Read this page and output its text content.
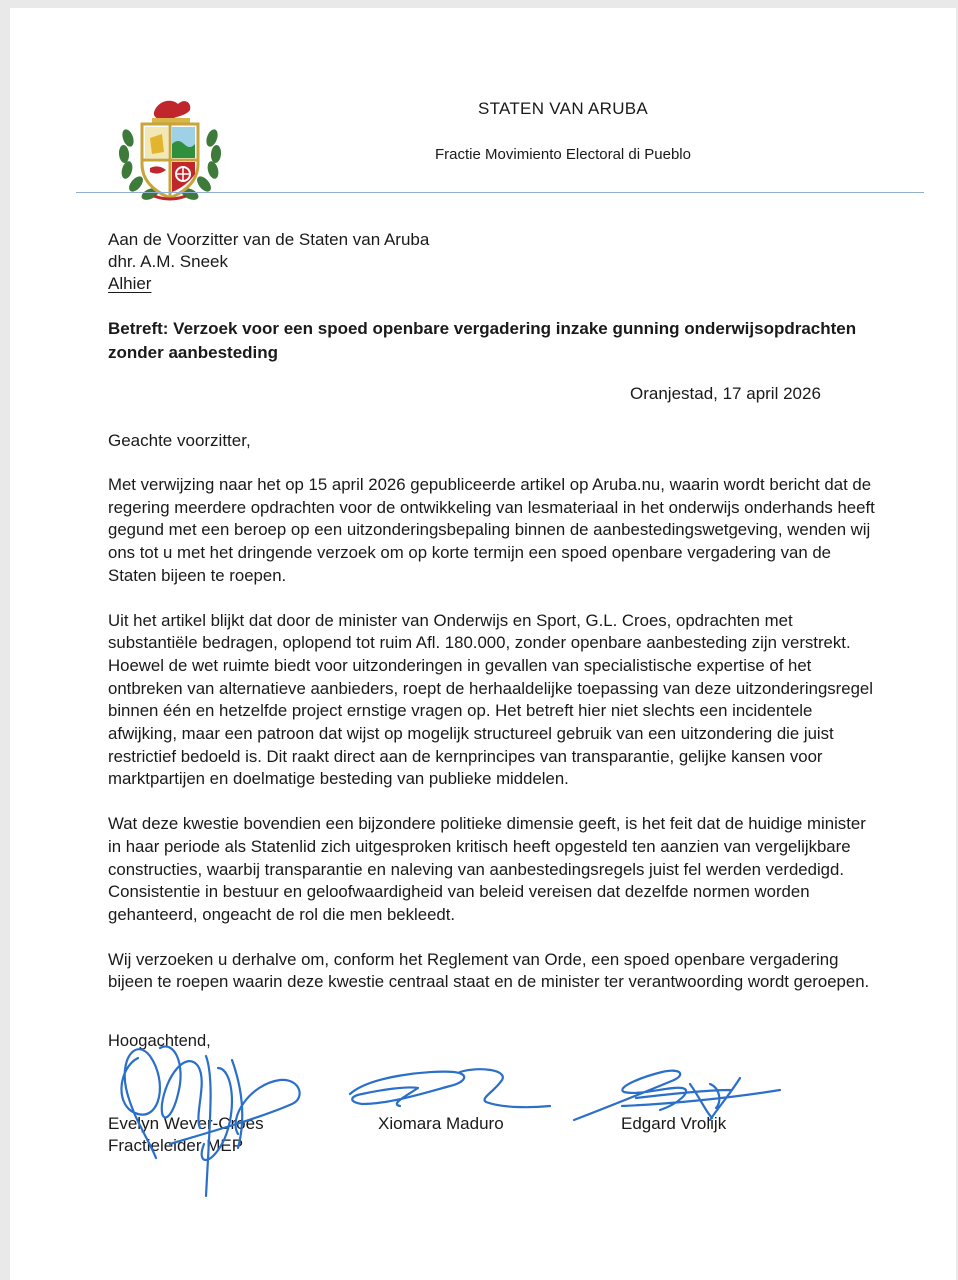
STATEN VAN ARUBA
Fractie Movimiento Electoral di Pueblo
Aan de Voorzitter van de Staten van Aruba
dhr. A.M. Sneek
Alhier
Betreft: Verzoek voor een spoed openbare vergadering inzake gunning onderwijsopdrachten zonder aanbesteding
Oranjestad, 17 april 2026
Geachte voorzitter,

Met verwijzing naar het op 15 april 2026 gepubliceerde artikel op Aruba.nu, waarin wordt bericht dat de regering meerdere opdrachten voor de ontwikkeling van lesmateriaal in het onderwijs onderhands heeft gegund met een beroep op een uitzonderingsbepaling binnen de aanbestedingswetgeving, wenden wij ons tot u met het dringende verzoek om op korte termijn een spoed openbare vergadering van de Staten bijeen te roepen.

Uit het artikel blijkt dat door de minister van Onderwijs en Sport, G.L. Croes, opdrachten met substantiële bedragen, oplopend tot ruim Afl. 180.000, zonder openbare aanbesteding zijn verstrekt. Hoewel de wet ruimte biedt voor uitzonderingen in gevallen van specialistische expertise of het ontbreken van alternatieve aanbieders, roept de herhaaldelijke toepassing van deze uitzonderingsregel binnen één en hetzelfde project ernstige vragen op. Het betreft hier niet slechts een incidentele afwijking, maar een patroon dat wijst op mogelijk structureel gebruik van een uitzondering die juist restrictief bedoeld is. Dit raakt direct aan de kernprincipes van transparantie, gelijke kansen voor marktpartijen en doelmatige besteding van publieke middelen.

Wat deze kwestie bovendien een bijzondere politieke dimensie geeft, is het feit dat de huidige minister in haar periode als Statenlid zich uitgesproken kritisch heeft opgesteld ten aanzien van vergelijkbare constructies, waarbij transparantie en naleving van aanbestedingsregels juist fel werden verdedigd. Consistentie in bestuur en geloofwaardigheid van beleid vereisen dat dezelfde normen worden gehanteerd, ongeacht de rol die men bekleedt.

Wij verzoeken u derhalve om, conform het Reglement van Orde, een spoed openbare vergadering bijeen te roepen waarin deze kwestie centraal staat en de minister ter verantwoording wordt geroepen.

Hoogachtend,
Evelyn Wever-Croes
Fractieleider MEP
Xiomara Maduro	Edgard Vrolijk
